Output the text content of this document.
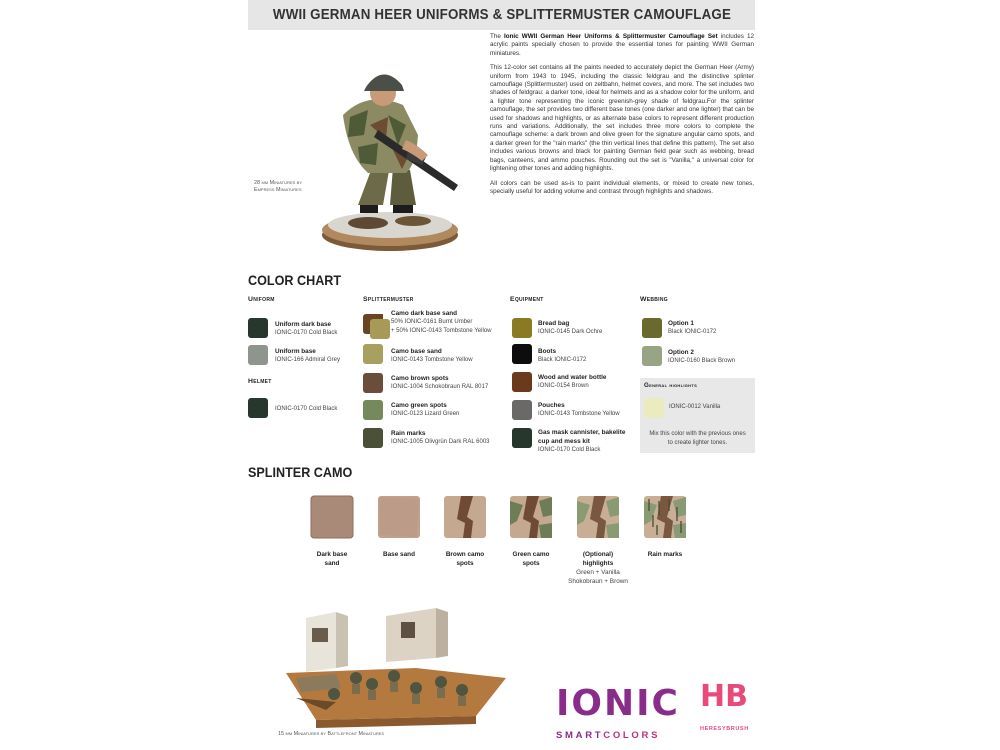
WWII GERMAN HEER UNIFORMS & SPLITTERMUSTER CAMOUFLAGE
28 mm Miniatures by
Empress Miniatures

The Ionic WWII German Heer Uniforms & Splittermuster Camouflage Set includes 12 acrylic paints specially chosen to provide the essential tones for painting WWII German miniatures.

This 12-color set contains all the paints needed to accurately depict the German Heer (Army) uniform from 1943 to 1945, including the classic feldgrau and the distinctive splinter camouflage (Splittermuster) used on zeltbahn, helmet covers, and more. The set includes two shades of feldgrau: a darker tone, ideal for helmets and as a shadow color for the uniform, and a lighter tone representing the iconic greenish-grey shade of feldgrau.For the splinter camouflage, the set provides two different base tones (one darker and one lighter) that can be used for shadows and highlights, or as alternate base colors to represent different production runs and variations. Additionally, the set includes three more colors to complete the camouflage scheme: a dark brown and olive green for the signature angular camo spots, and a darker green for the "rain marks" (the thin vertical lines that define this pattern). The set also includes various browns and black for painting German field gear such as webbing, bread bags, canteens, and ammo pouches. Rounding out the set is "Vanilla," a universal color for lightening other tones and adding highlights.

All colors can be used as-is to paint individual elements, or mixed to create new tones, specially useful for adding volume and contrast through highlights and shadows.

COLOR CHART
Uniform
Uniform dark base
IONIC-0170 Cold Black
Uniform base
IONIC-166 Admiral Grey
Helmet
IONIC-0170 Cold Black
Splittermuster
Camo dark base sand
50% IONIC-0161 Burnt Umber
+ 50% IONIC-0143 Tombstone Yellow
Camo base sand
IONIC-0143 Tombstone Yellow
Camo brown spots
IONIC-1004 Schokobraun RAL 8017
Camo green spots
IONIC-0123 Lizard Green
Rain marks
IONIC-1005 Olivgrün Dark RAL 6003
Equipment
Bread bag
IONIC-0145 Dark Ochre
Boots
Black IONIC-0172
Wood and water bottle
IONIC-0154 Brown
Pouches
IONIC-0143 Tombstone Yellow
Gas mask cannister, bakelite
cup and mess kit
IONIC-0170 Cold Black
Webbing
Option 1
Black IONIC-0172
Option 2
IONIC-0160 Black Brown
General highlights
IONIC-0012 Vanilla
Mix this color with the previous ones
to create lighter tones.
SPLINTER CAMO
Dark base
sand
Base sand	Brown camo
spots
Green camo
spots
(Optional)
highlights
Green + Vanilla
Shokobraun + Brown
Rain marks
15 mm Miniatures by Battlefront Miniatures
IONIC
SMARTCOLORS
HB
HERESYBRUSH
